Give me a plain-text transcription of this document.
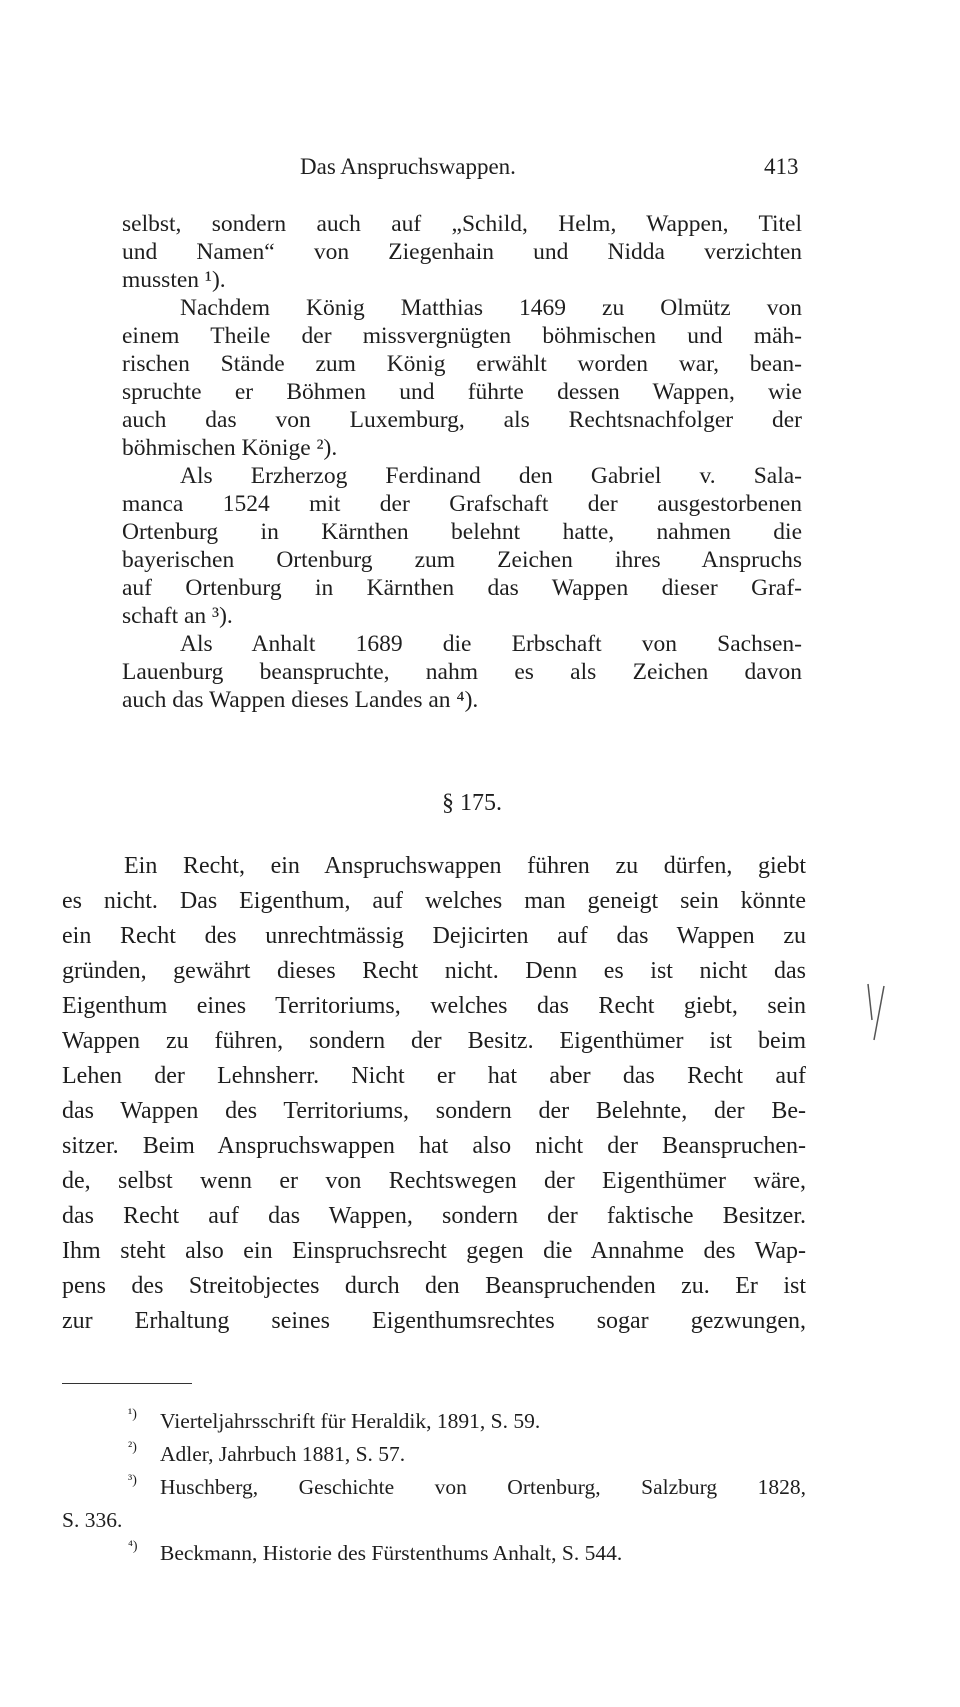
Das Anspruchswappen.	413
selbst, sondern auch auf „Schild, Helm, Wappen, Titel
und Namen“ von Ziegenhain und Nidda verzichten
mussten ¹).
Nachdem König Matthias 1469 zu Olmütz von
einem Theile der missvergnügten böhmischen und mäh-
rischen Stände zum König erwählt worden war, bean-
spruchte er Böhmen und führte dessen Wappen, wie
auch das von Luxemburg, als Rechtsnachfolger der
böhmischen Könige ²).
Als Erzherzog Ferdinand den Gabriel v. Sala-
manca 1524 mit der Grafschaft der ausgestorbenen
Ortenburg in Kärnthen belehnt hatte, nahmen die
bayerischen Ortenburg zum Zeichen ihres Anspruchs
auf Ortenburg in Kärnthen das Wappen dieser Graf-
schaft an ³).
Als Anhalt 1689 die Erbschaft von Sachsen-
Lauenburg beanspruchte, nahm es als Zeichen davon
auch das Wappen dieses Landes an ⁴).
§ 175.
Ein Recht, ein Anspruchswappen führen zu dürfen, giebt
es nicht. Das Eigenthum, auf welches man geneigt sein könnte
ein Recht des unrechtmässig Dejicirten auf das Wappen zu
gründen, gewährt dieses Recht nicht. Denn es ist nicht das
Eigenthum eines Territoriums, welches das Recht giebt, sein
Wappen zu führen, sondern der Besitz. Eigenthümer ist beim
Lehen der Lehnsherr. Nicht er hat aber das Recht auf
das Wappen des Territoriums, sondern der Belehnte, der Be-
sitzer. Beim Anspruchswappen hat also nicht der Beanspruchen-
de, selbst wenn er von Rechtswegen der Eigenthümer wäre,
das Recht auf das Wappen, sondern der faktische Besitzer.
Ihm steht also ein Einspruchsrecht gegen die Annahme des Wap-
pens des Streitobjectes durch den Beanspruchenden zu. Er ist
zur Erhaltung seines Eigenthumsrechtes sogar gezwungen,

¹)

Vierteljahrsschrift für Heraldik, 1891, S. 59.

²)

Adler, Jahrbuch 1881, S. 57.

³)

Huschberg, Geschichte von Ortenburg, Salzburg 1828,

S. 336.

⁴)

Beckmann, Historie des Fürstenthums Anhalt, S. 544.
